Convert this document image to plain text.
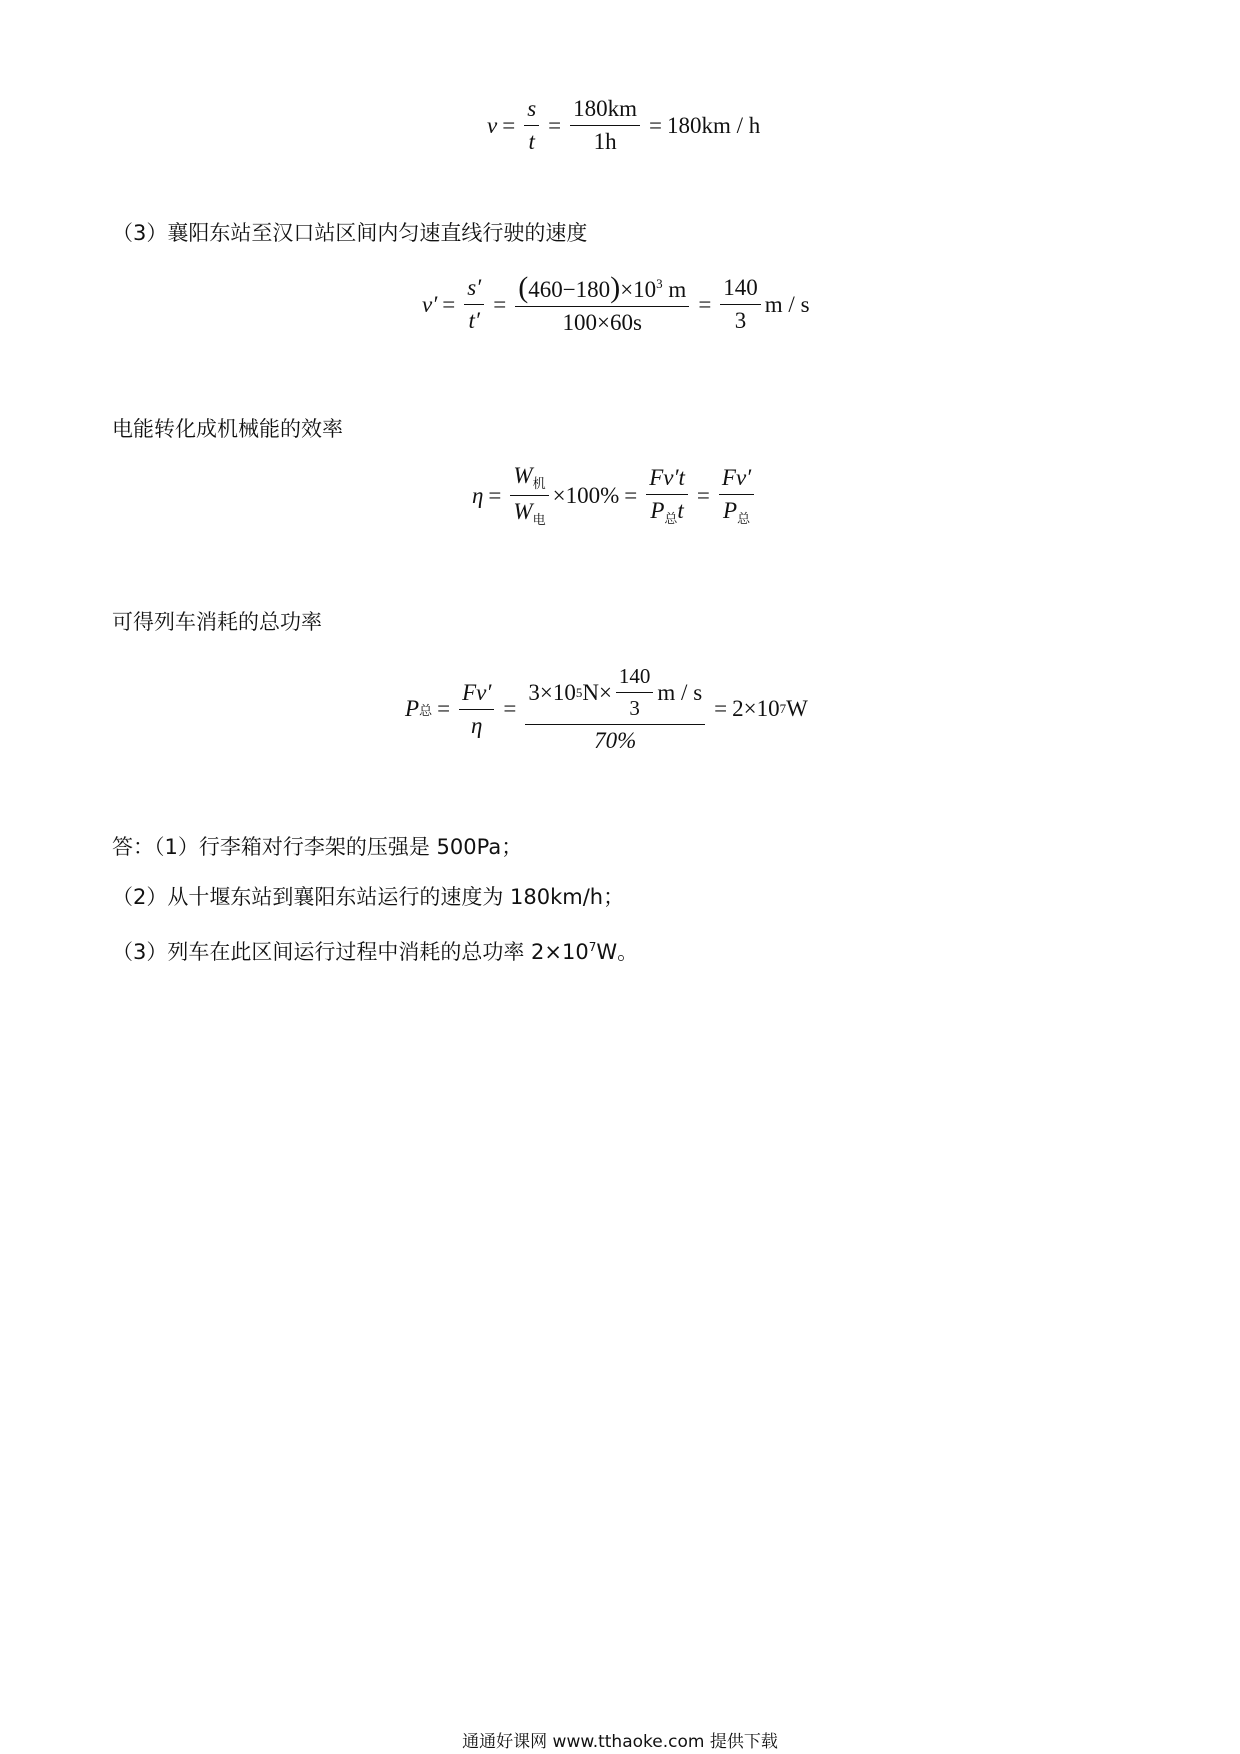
$v = \frac{s}{t} = \frac{180km}{1h} = 180km / h$
（3）襄阳东站至汉口站区间内匀速直线行驶的速度
$v' = \frac{s'}{t'} = \frac{(460-180)\times 10^3 m}{100\times 60s} = \frac{140}{3}$ m / s
电能转化成机械能的效率
$\eta = \frac{W_机}{W_电} \times 100\% = \frac{Fv't}{P_总t} = \frac{Fv'}{P_总}$
可得列车消耗的总功率
P 总 = $\frac{Fv'}{\eta} = \frac{3\times 10 5 N\times \frac{140}{3} m / s}{70\%} = 2\times 10$ 7 W
答：（1）行李箱对行李架的压强是 500Pa；
（2）从十堰东站到襄阳东站运行的速度为 180km/h；
（3）列车在此区间运行过程中消耗的总功率 $2\times 10^7W$。
通通好课网 www.tthaoke.com 提供下载
